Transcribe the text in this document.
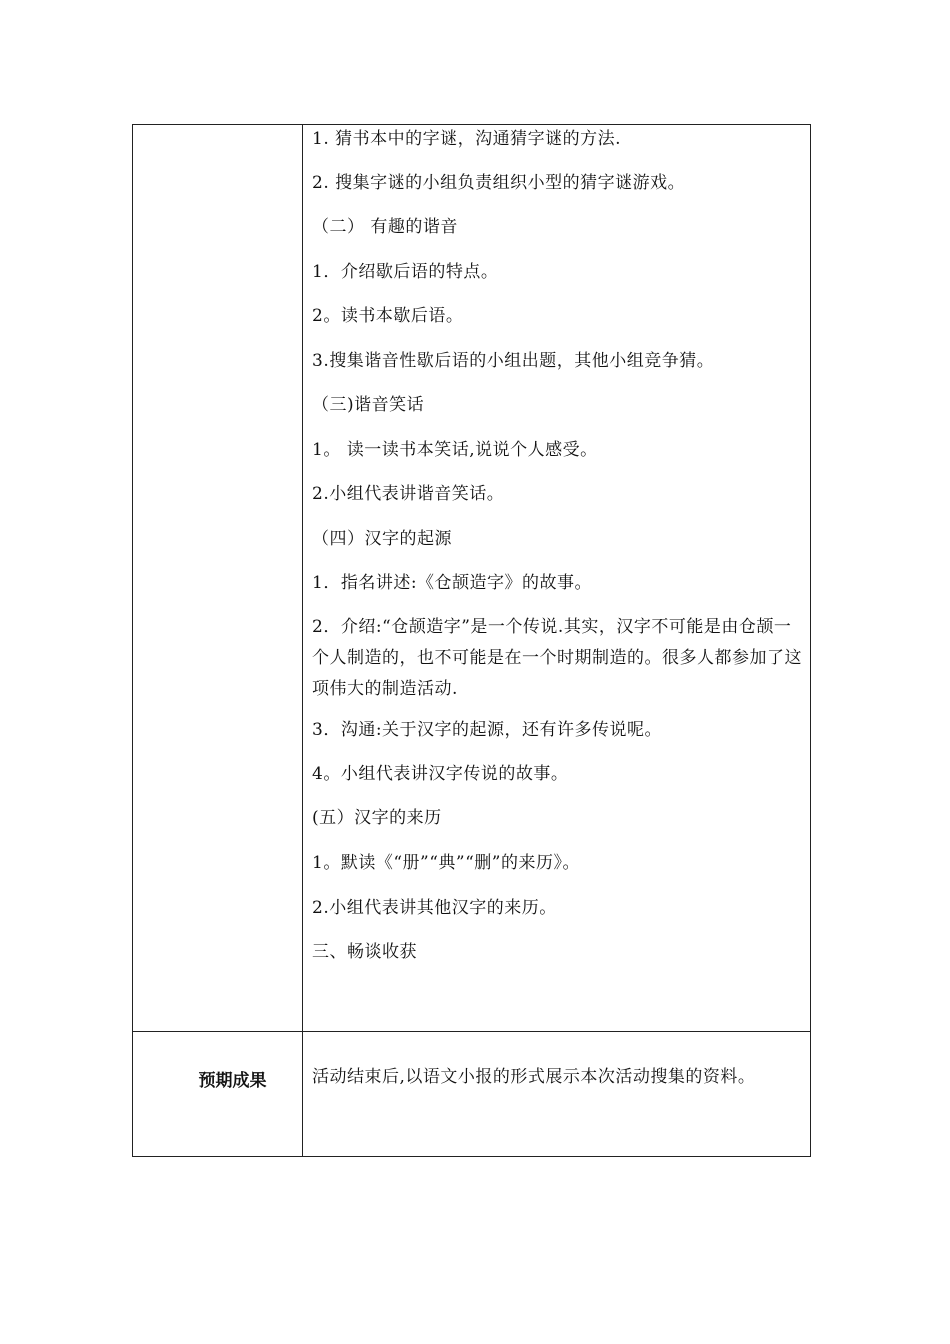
1. 猜书本中的字谜，沟通猜字谜的方法.
2. 搜集字谜的小组负责组织小型的猜字谜游戏。
（二） 有趣的谐音
1．介绍歇后语的特点。
2。读书本歇后语。
3.搜集谐音性歇后语的小组出题，其他小组竞争猜。
（三)谐音笑话
1。 读一读书本笑话,说说个人感受。
2.小组代表讲谐音笑话。
（四）汉字的起源
1．指名讲述:《仓颉造字》的故事。
2．介绍:“仓颉造字”是一个传说.其实，汉字不可能是由仓颉一个人制造的，也不可能是在一个时期制造的。很多人都参加了这项伟大的制造活动.
3．沟通:关于汉字的起源，还有许多传说呢。
4。小组代表讲汉字传说的故事。
(五）汉字的来历
1。默读《“册”“典”“删”的来历》。
2.小组代表讲其他汉字的来历。
三、畅谈收获
预期成果	活动结束后,以语文小报的形式展示本次活动搜集的资料。
